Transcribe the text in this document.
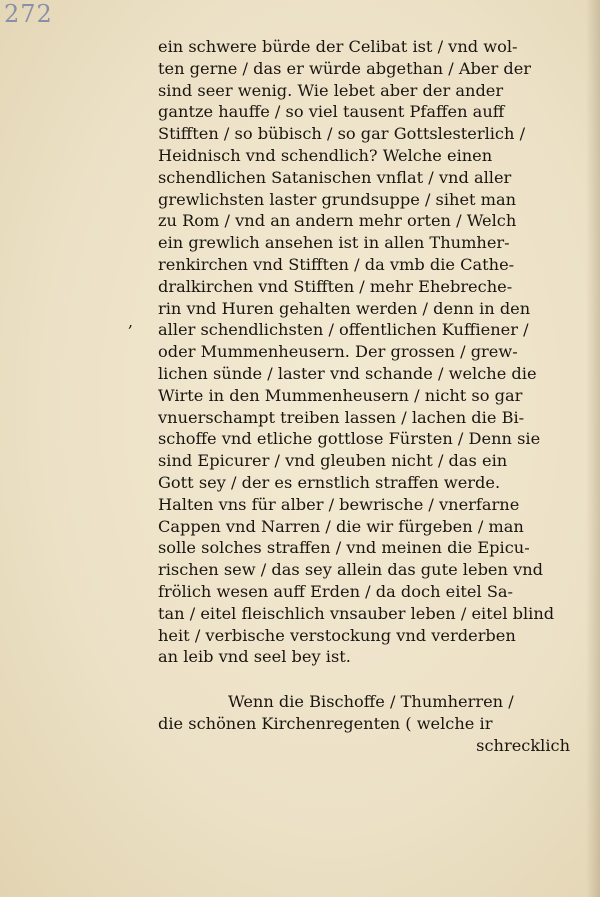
272
,
ein schwere bürde der Celibat ist / vnd wol-
ten gerne / das er würde abgethan / Aber der
sind seer wenig. Wie lebet aber der ander
gantze hauffe / so viel tausent Pfaffen auff
Stifften / so bübisch / so gar Gottslesterlich /
Heidnisch vnd schendlich? Welche einen
schendlichen Satanischen vnflat / vnd aller
grewlichsten laster grundsuppe / sihet man
zu Rom / vnd an andern mehr orten / Welch
ein grewlich ansehen ist in allen Thumher-
renkirchen vnd Stifften / da vmb die Cathe-
dralkirchen vnd Stifften / mehr Ehebreche-
rin vnd Huren gehalten werden / denn in den
aller schendlichsten / offentlichen Kuffiener /
oder Mummenheusern. Der grossen / grew-
lichen sünde / laster vnd schande / welche die
Wirte in den Mummenheusern / nicht so gar
vnuerschampt treiben lassen / lachen die Bi-
schoffe vnd etliche gottlose Fürsten / Denn sie
sind Epicurer / vnd gleuben nicht / das ein
Gott sey / der es ernstlich straffen werde.
Halten vns für alber / bewrische / vnerfarne
Cappen vnd Narren / die wir fürgeben / man
solle solches straffen / vnd meinen die Epicu-
rischen sew / das sey allein das gute leben vnd
frölich wesen auff Erden / da doch eitel Sa-
tan / eitel fleischlich vnsauber leben / eitel blind
heit / verbische verstockung vnd verderben
an leib vnd seel bey ist.
Wenn die Bischoffe / Thumherren /
die schönen Kirchenregenten ( welche ir
schrecklich
